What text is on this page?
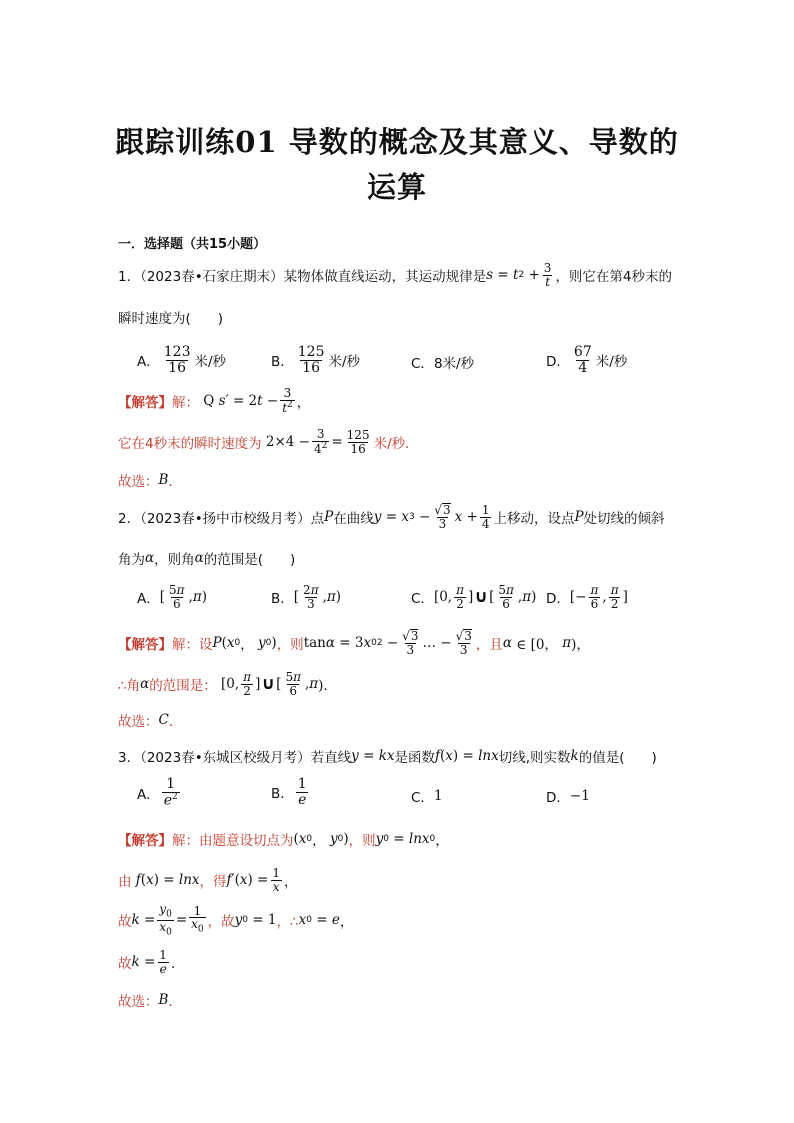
跟踪训练01 导数的概念及其意义、导数的
运算
一．选择题（共15小题）
1．（2023春•石家庄期末）某物体做直线运动，其运动规律是 s = t $2 + \frac{3}{t}$ ，则它在第4秒末的
瞬时速度为(　　)
A． $\frac{123}{16}$ 米/秒	B． $\frac{125}{16}$ 米/秒	C． 8米/秒	D． $\frac{67}{4}$ 米/秒
【解答】 解： Q s ′ = 2 $t - \frac{3}{t^2}$ ，
它在4秒末的瞬时速度为 $2\times 4 - \frac{3}{4^2} = \frac{125}{16}$ 米/秒．
故选： B ．
2．（2023春•扬中市校级月考）点 P 在曲线 y = x $3 - \frac{√3}{3}$ $x + \frac{1}{4}$ 上移动，设点 P 处切线的倾斜
角为 α ，则角 α 的范围是(　　)
A． [ $\frac{5\pi}{6}$ , π )	B． [ $\frac{2\pi}{3}$ , π )	C． [0, $\frac{\pi}{2}$ ] ∪ [ $\frac{5\pi}{6}$ , π ) D． [− $\frac{\pi}{6}$ , $\frac{\pi}{2}$ ]
【解答】 解：设 P ( x 0 ， y 0 ) ，则 tan α = 3 x 0 $2 - \frac{√3}{3}$ … − $\frac{√3}{3}$ ，且 α ∈ [0， π )，
∴角 α 的范围是： [0, $\frac{\pi}{2}$ ] ∪ [ $\frac{5\pi}{6}$ , π )．
故选： C ．
3．（2023春•东城区校级月考）若直线 y = kx 是函数 f ( x ) = lnx 切线,则实数 k 的值是(　　)
A． $\frac{1}{e^2}$	B． $\frac{1}{e}$	C． 1	D． −1
【解答】 解：由题意设切点为 ( x 0 ， y 0 ) ，则 y 0 = lnx 0 ，
由 f ( x ) = lnx ，得 f ′( x ) = $\frac{1}{x}$ ，
故 $k = \frac{y_0}{x_0} = \frac{1}{x_0}$ ，故 y 0 = 1 ，∴ x 0 = e ，
故 $k = \frac{1}{e}$ ．
故选： B ．
